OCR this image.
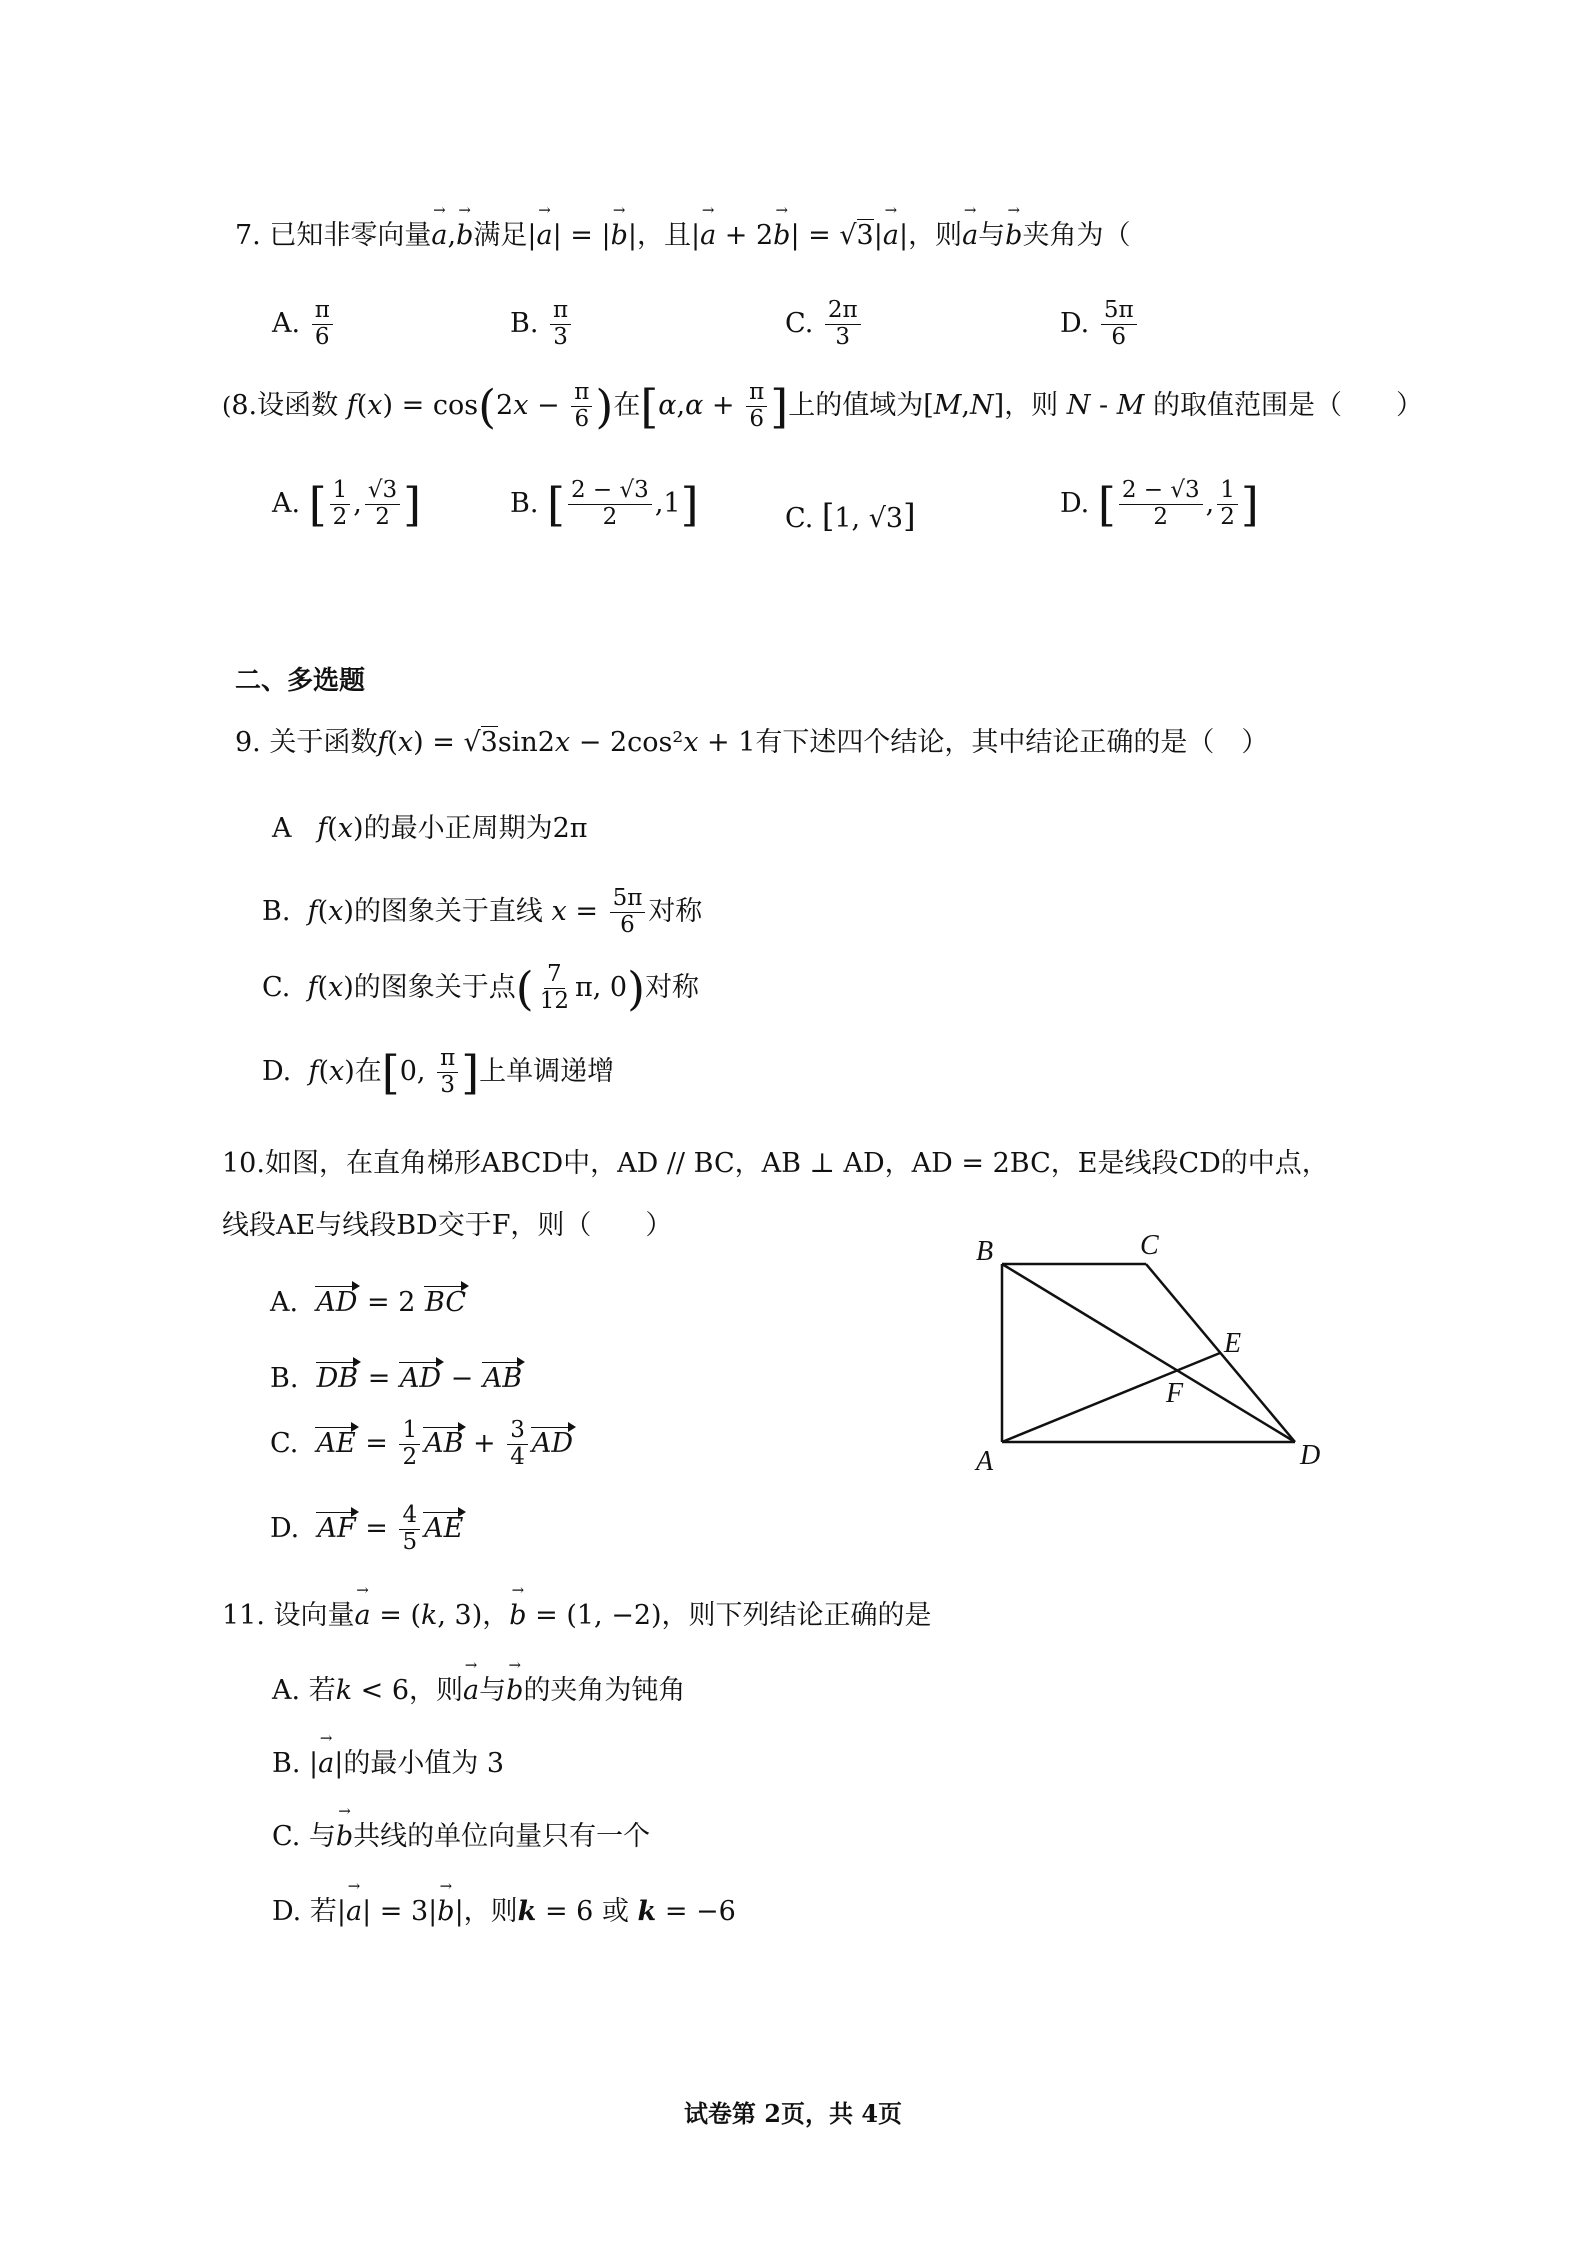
7. 已知非零向量a →,b →满足|a →| = |b →|，且|a → + 2b →| = √3|a →|，则a →与b →夹角为（
A. $\frac{\pi}{6}$	B. $\frac{\pi}{3}$	C. $\frac{2\pi}{3}$	D. $\frac{5\pi}{6}$
(8.设函数 $f(x) = \cos(2x - \frac{\pi}{6}$ )在[$\alpha,\alpha + \frac{\pi}{6}$ ]上的值域为[M,N]，则 N - M 的取值范围是（　　）
A. [ $\frac{1}{2}$ , $\frac{√3}{2}$ ]	B. [ $\frac{2 - √3}{2} ,1$]	C. [1, √3]	D. [ $\frac{2 - √3}{2}$ , $\frac{1}{2}$ ]
二、多选题
9. 关于函数f(x) = √3sin2x − 2cos²x + 1有下述四个结论，其中结论正确的是（　）
A f(x)的最小正周期为2π
B. f(x)的图象关于直线 $x = \frac{5\pi}{6}$ 对称
C. f(x)的图象关于点( $\frac{7}{12} \pi$, 0)对称
D. f(x)在[0, $\frac{\pi}{3}$ ]上单调递增
10.如图，在直角梯形ABCD中，AD // BC，AB ⊥ AD，AD = 2BC，E是线段CD的中点，
线段AE与线段BD交于F，则（　　）
A. AD = 2 BC
B. DB = AD − AB
C. AE = $\frac{1}{2}$ AB + $\frac{3}{4}$ AD
D. AF = $\frac{4}{5}$ AE
B	C
E
F
A	D
11. 设向量a → = (k, 3)，b → = (1, −2)，则下列结论正确的是
A. 若k < 6，则a →与b →的夹角为钝角
B. |a →|的最小值为 3
C. 与b →共线的单位向量只有一个
D. 若|a →| = 3|b →|，则k = 6 或 k = −6
试卷第 2页，共 4页
